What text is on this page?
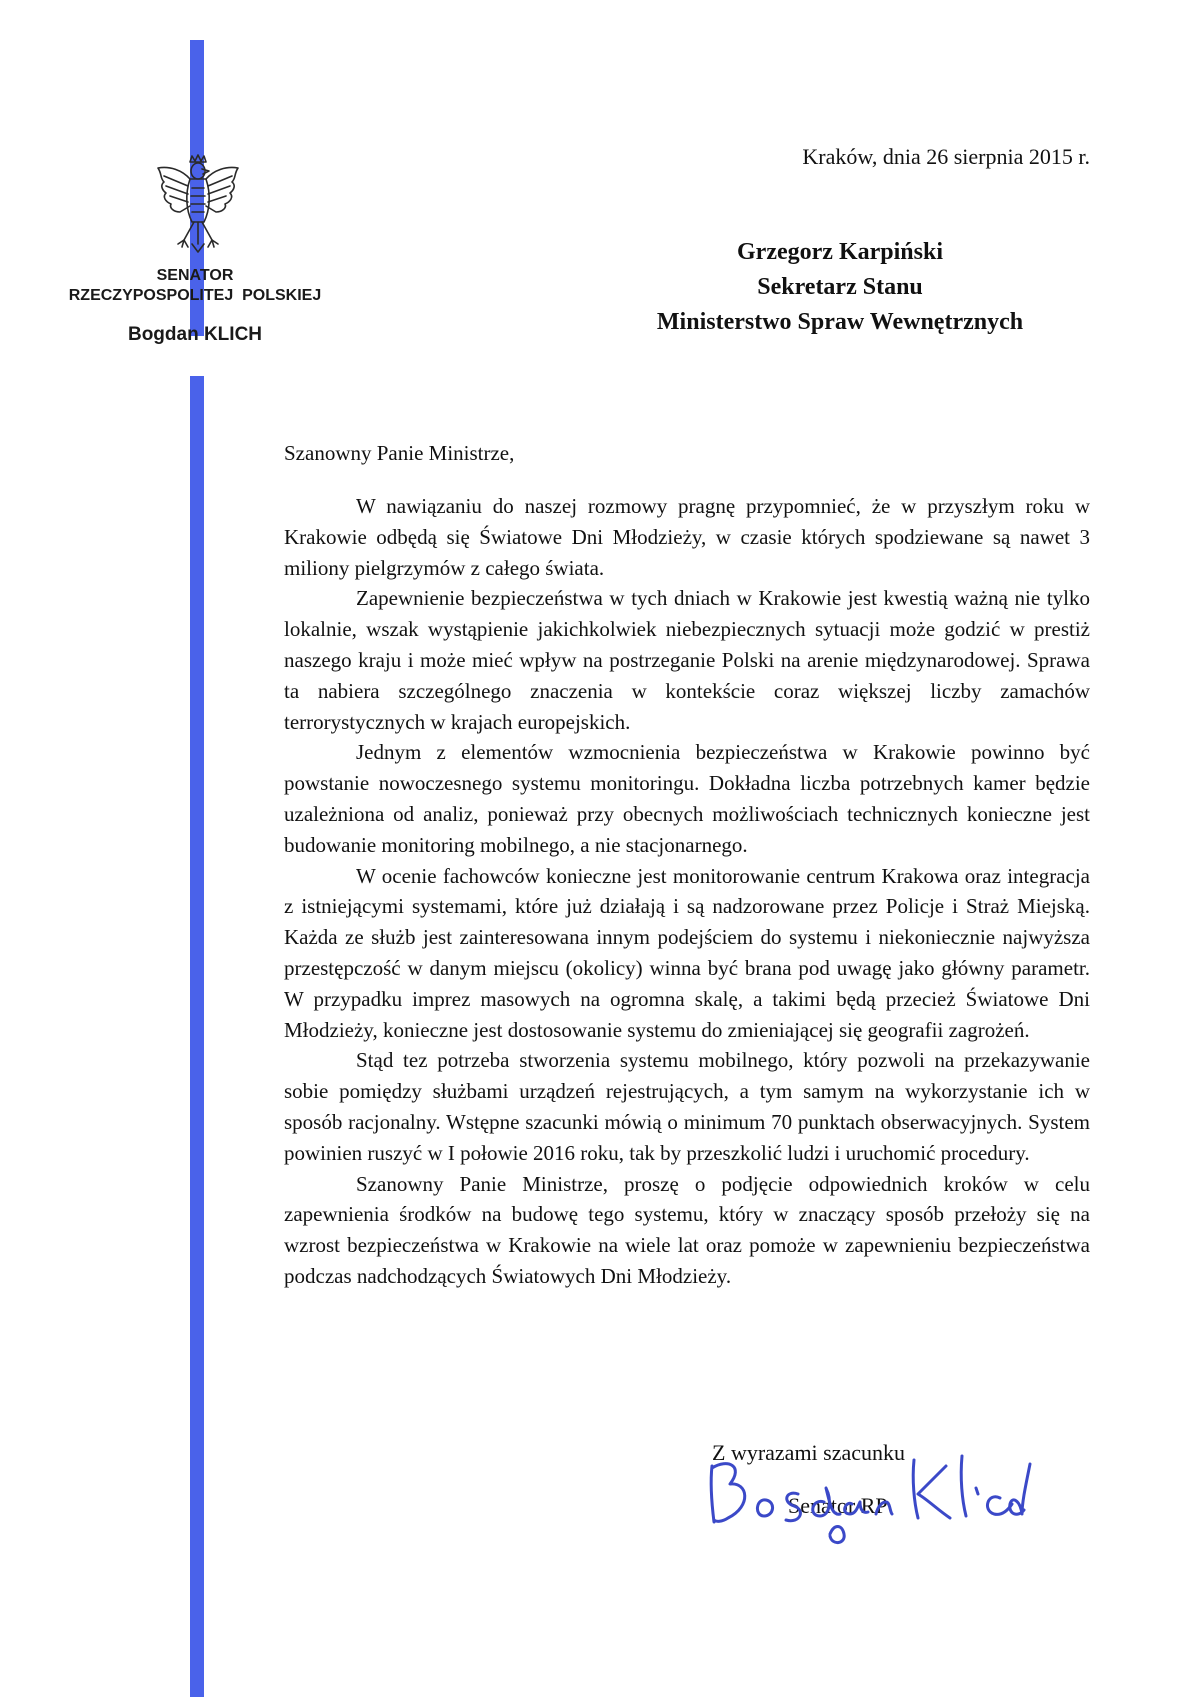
SENATOR
RZECZYPOSPOLITEJ  POLSKIEJ
Bogdan KLICH
Kraków, dnia 26 sierpnia 2015 r.
Grzegorz Karpiński
Sekretarz Stanu
Ministerstwo Spraw Wewnętrznych
Szanowny Panie Ministrze,

W nawiązaniu do naszej rozmowy pragnę przypomnieć, że w przyszłym roku w Krakowie odbędą się Światowe Dni Młodzieży, w czasie których spodziewane są nawet 3 miliony pielgrzymów z całego świata.

Zapewnienie bezpieczeństwa w tych dniach w Krakowie jest kwestią ważną nie tylko lokalnie, wszak wystąpienie jakichkolwiek niebezpiecznych sytuacji może godzić w prestiż naszego kraju i może mieć wpływ na postrzeganie Polski na arenie międzynarodowej. Sprawa ta nabiera szczególnego znaczenia w kontekście coraz większej liczby zamachów terrorystycznych w krajach europejskich.

Jednym z elementów wzmocnienia bezpieczeństwa w Krakowie powinno być powstanie nowoczesnego systemu monitoringu. Dokładna liczba potrzebnych kamer będzie uzależniona od analiz, ponieważ przy obecnych możliwościach technicznych konieczne jest budowanie monitoring mobilnego, a nie stacjonarnego.

W ocenie fachowców konieczne jest monitorowanie centrum Krakowa oraz integracja z istniejącymi systemami, które już działają i są nadzorowane przez Policje i Straż Miejską. Każda ze służb jest zainteresowana innym podejściem do systemu i niekoniecznie najwyższa przestępczość w danym miejscu (okolicy) winna być brana pod uwagę jako główny parametr. W przypadku imprez masowych na ogromna skalę, a takimi będą przecież Światowe Dni Młodzieży, konieczne jest dostosowanie systemu do zmieniającej się geografii zagrożeń.

Stąd tez potrzeba stworzenia systemu mobilnego, który pozwoli na przekazywanie sobie pomiędzy służbami urządzeń rejestrujących, a tym samym na wykorzystanie ich w sposób racjonalny. Wstępne szacunki mówią o minimum 70 punktach obserwacyjnych. System powinien ruszyć w I połowie 2016 roku, tak by przeszkolić ludzi i uruchomić procedury.

Szanowny Panie Ministrze, proszę o podjęcie odpowiednich kroków w celu zapewnienia środków na budowę tego systemu, który w znaczący sposób przełoży się na wzrost bezpieczeństwa w Krakowie na wiele lat oraz pomoże w zapewnieniu bezpieczeństwa podczas nadchodzących Światowych Dni Młodzieży.

Z wyrazami szacunku
Senator RP
